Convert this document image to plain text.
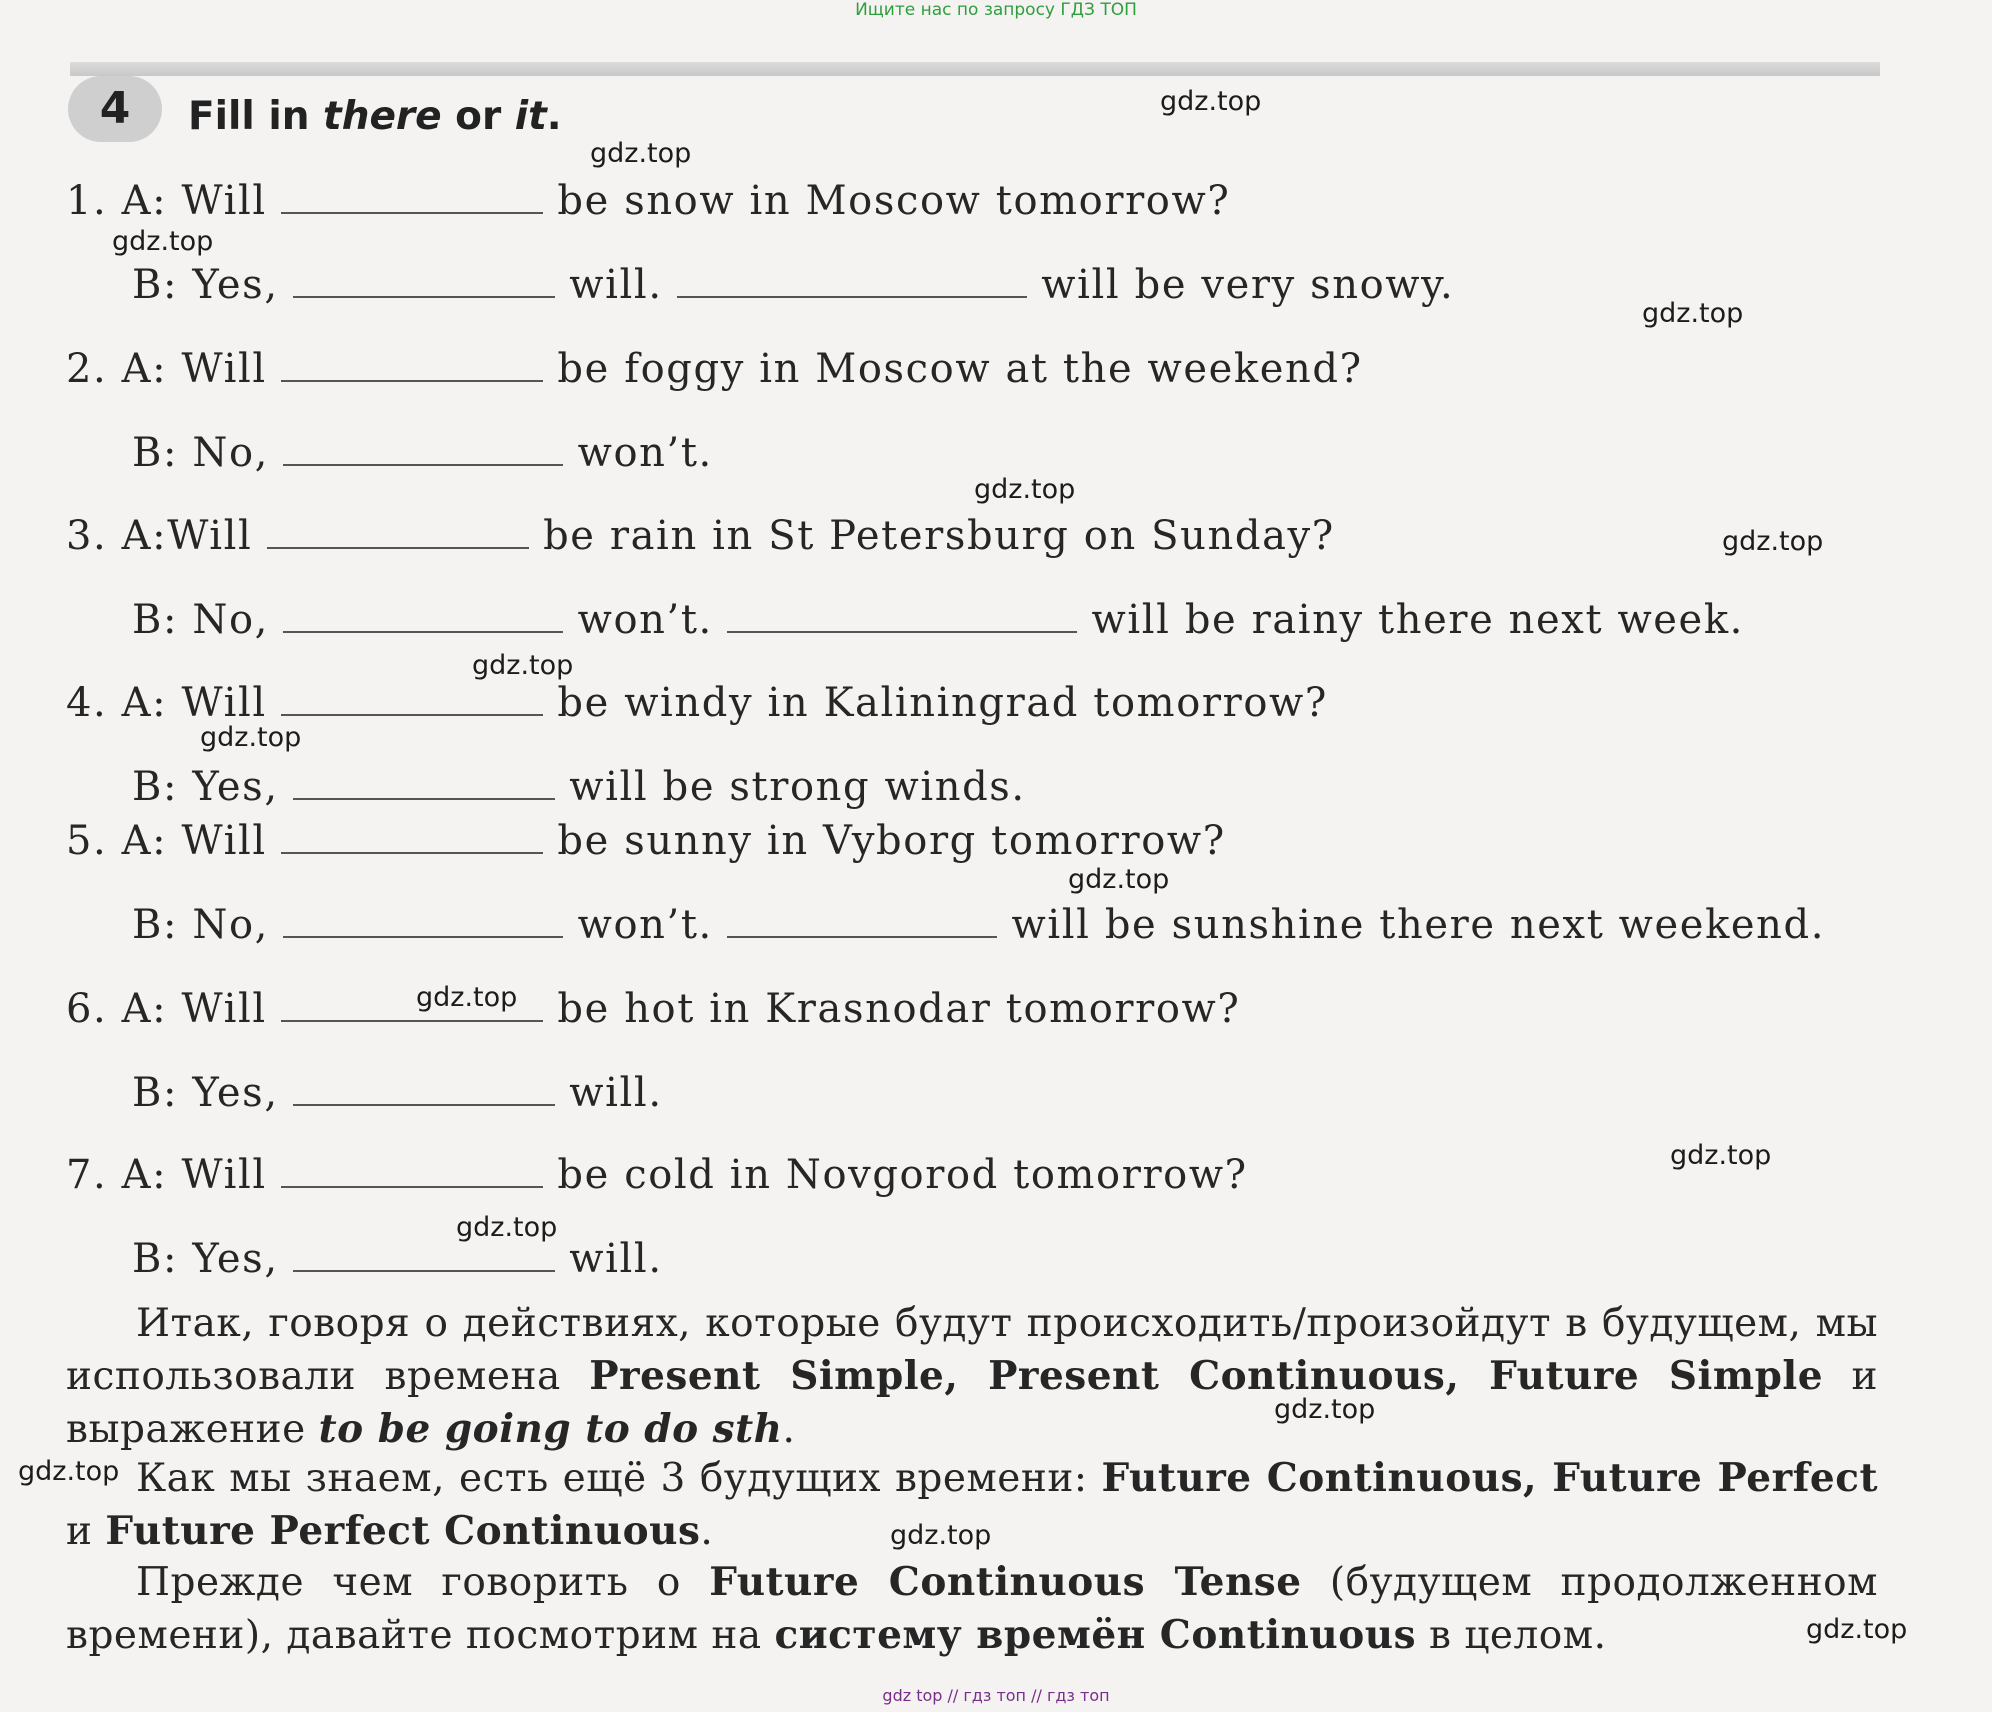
Ищите нас по запросу ГДЗ ТОП
4	Fill in there or it.
1. A: Will	be snow in Moscow tomorrow?
B: Yes,	will.	will be very snowy.
2. A: Will	be foggy in Moscow at the weekend?
B: No,	won’t.
3. A:Will	be rain in St Petersburg on Sunday?
B: No,	won’t.	will be rainy there next week.
4. A: Will	be windy in Kaliningrad tomorrow?
B: Yes,	will be strong winds.
5. A: Will	be sunny in Vyborg tomorrow?
B: No,	won’t.	will be sunshine there next weekend.
6. A: Will	be hot in Krasnodar tomorrow?
B: Yes,	will.
7. A: Will	be cold in Novgorod tomorrow?
B: Yes,	will.
Итак, говоря о действиях, которые будут происходить/произойдут в будущем, мы использовали времена Present Simple, Present Continuous, Future Simple и выражение to be going to do sth.
Как мы знаем, есть ещё 3 будущих времени: Future Continuous, Future Perfect и Future Perfect Continuous.
Прежде чем говорить о Future Continuous Tense (будущем продолженном времени), давайте посмотрим на систему времён Continuous в целом.
gdz.top
gdz.top
gdz.top
gdz.top
gdz.top
gdz.top
gdz.top
gdz.top
gdz.top
gdz.top
gdz.top
gdz.top
gdz.top
gdz.top
gdz.top
gdz.top
gdz top // гдз топ // гдз топ
